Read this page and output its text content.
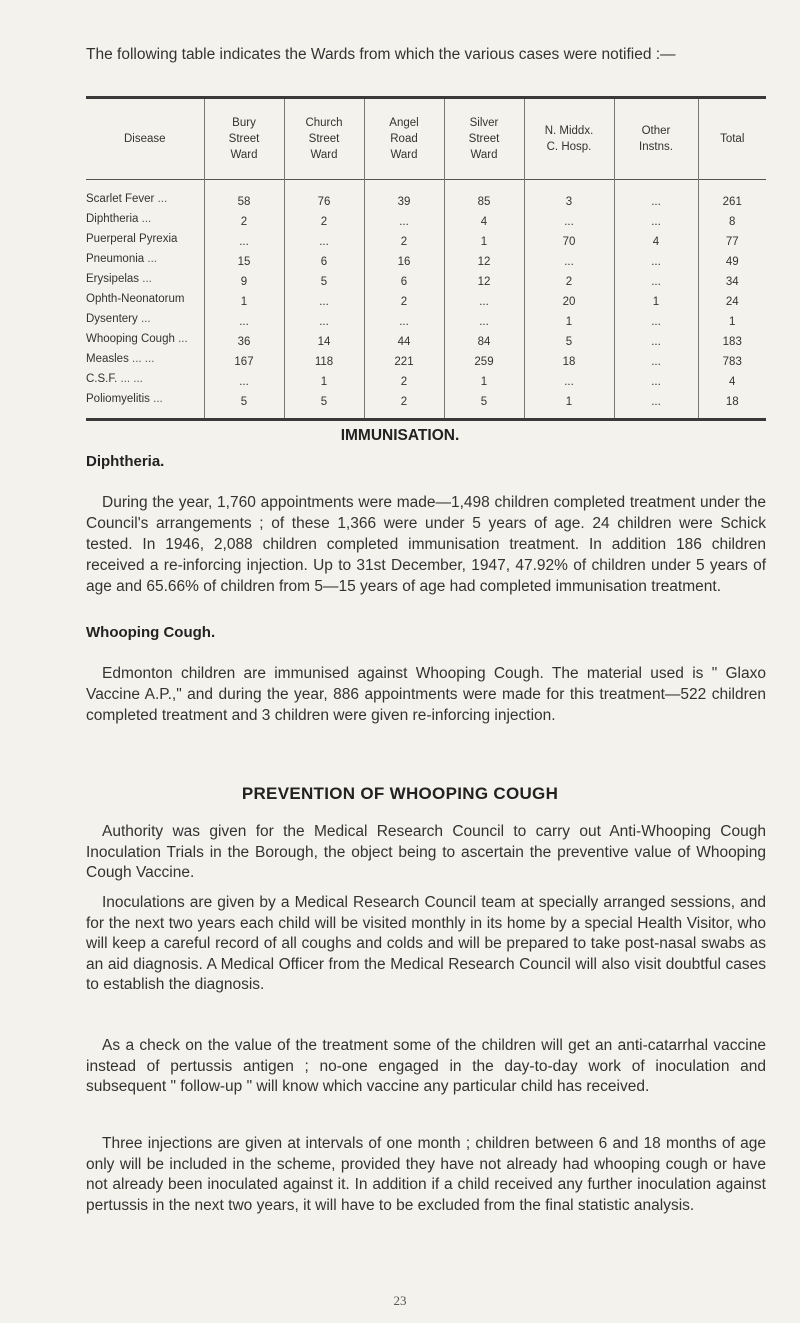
The following table indicates the Wards from which the various cases were notified :—
Disease	Bury
Street
Ward	Church
Street
Ward	Angel
Road
Ward	Silver
Street
Ward	N. Middx.
C. Hosp.	Other
Instns.	Total

Scarlet Fever ...	58	76	39	85	3	...	261
Diphtheria ...	2	2	...	4	...	...	8
Puerperal Pyrexia	...	...	2	1	70	4	77
Pneumonia ...	15	6	16	12	...	...	49
Erysipelas ...	9	5	6	12	2	...	34
Ophth-Neonatorum	1	...	2	...	20	1	24
Dysentery ...	...	...	...	...	1	...	1
Whooping Cough ...	36	14	44	84	5	...	183
Measles ... ...	167	118	221	259	18	...	783
C.S.F. ... ...	...	1	2	1	...	...	4
Poliomyelitis ...	5	5	2	5	1	...	18

IMMUNISATION.
Diphtheria.
During the year, 1,760 appointments were made—1,498 children completed treatment under the Council's arrangements ; of these 1,366 were under 5 years of age. 24 children were Schick tested. In 1946, 2,088 children completed immunisation treatment. In addition 186 children received a re-inforcing injection. Up to 31st December, 1947, 47.92% of children under 5 years of age and 65.66% of children from 5—15 years of age had completed immunisation treatment.
Whooping Cough.
Edmonton children are immunised against Whooping Cough. The material used is " Glaxo Vaccine A.P.," and during the year, 886 appointments were made for this treatment—522 children completed treatment and 3 children were given re-inforcing injection.
PREVENTION OF WHOOPING COUGH
Authority was given for the Medical Research Council to carry out Anti-Whooping Cough Inoculation Trials in the Borough, the object being to ascertain the preventive value of Whooping Cough Vaccine.
Inoculations are given by a Medical Research Council team at specially arranged sessions, and for the next two years each child will be visited monthly in its home by a special Health Visitor, who will keep a careful record of all coughs and colds and will be prepared to take post-nasal swabs as an aid diagnosis. A Medical Officer from the Medical Research Council will also visit doubtful cases to establish the diagnosis.
As a check on the value of the treatment some of the children will get an anti-catarrhal vaccine instead of pertussis antigen ; no-one engaged in the day-to-day work of inoculation and subsequent " follow-up " will know which vaccine any particular child has received.
Three injections are given at intervals of one month ; children between 6 and 18 months of age only will be included in the scheme, provided they have not already had whooping cough or have not already been inoculated against it. In addition if a child received any further inoculation against pertussis in the next two years, it will have to be excluded from the final statistic analysis.
23
